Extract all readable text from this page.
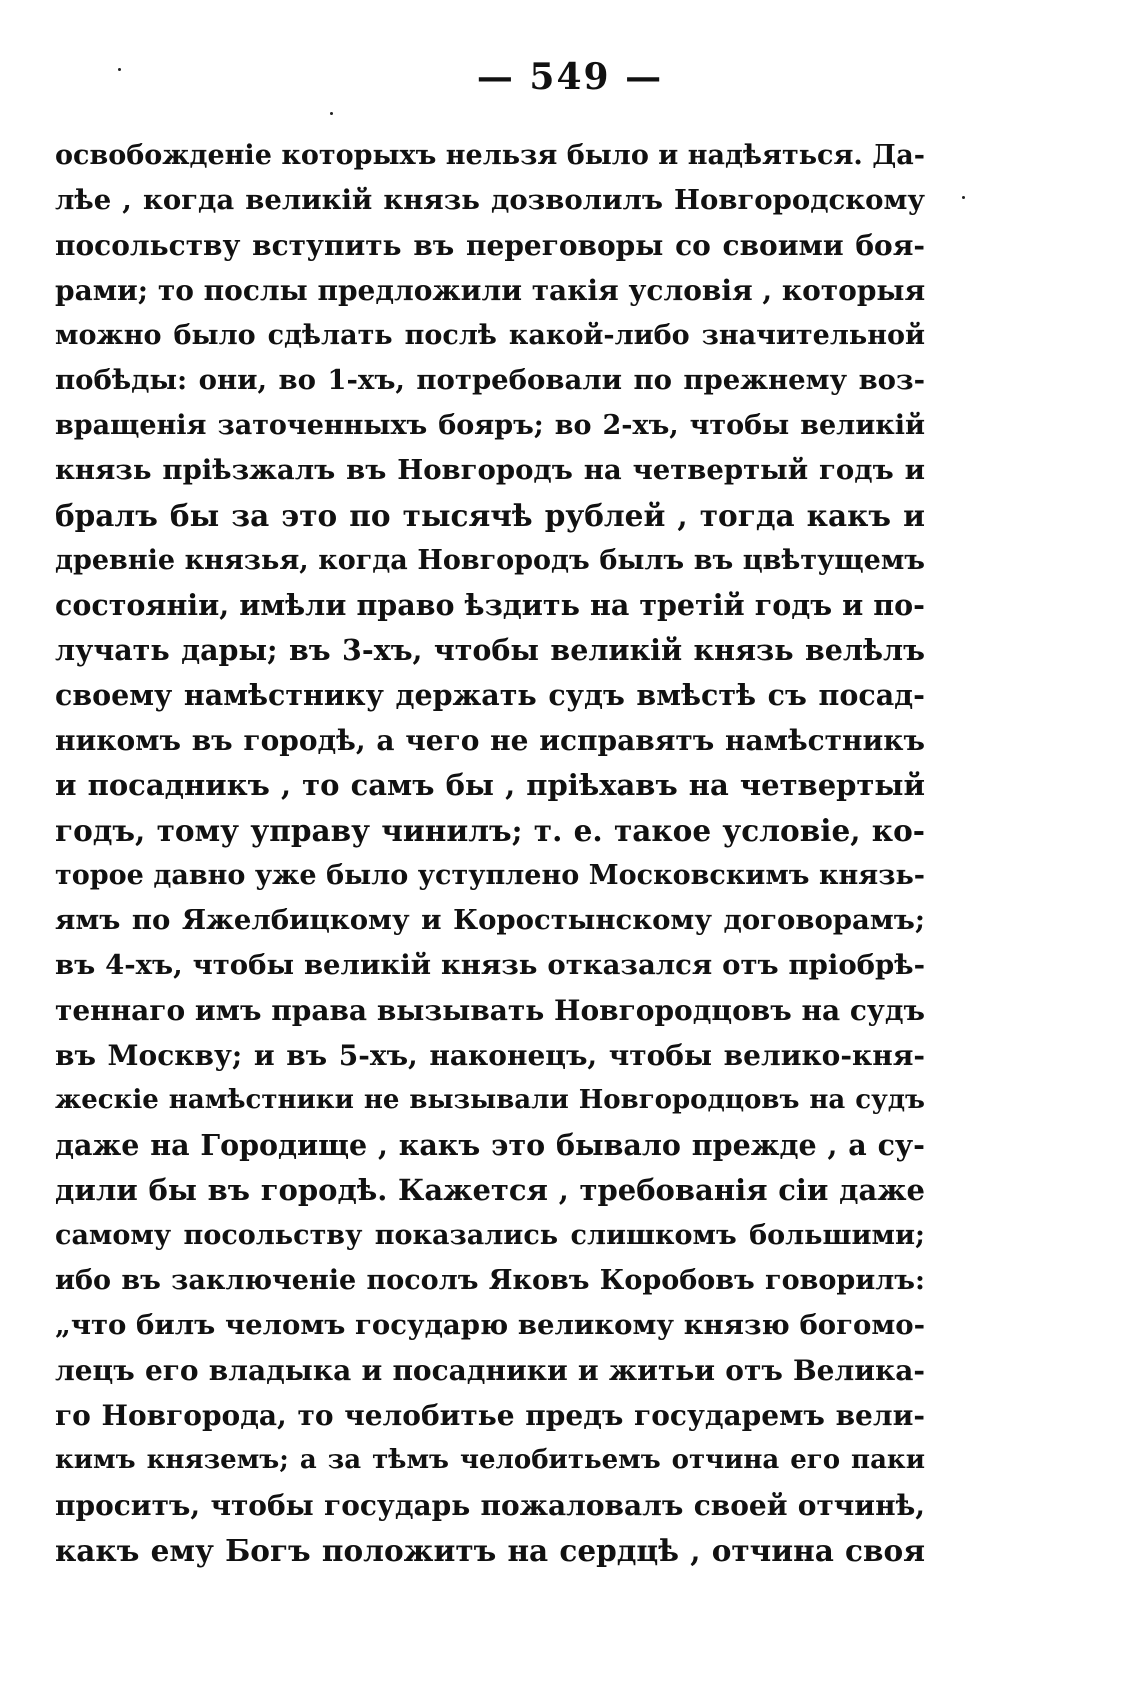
— 549 —
освобожденіе которыхъ нельзя было и надѣяться. Да-
лѣе , когда великій князь дозволилъ Новгородскому
посольству вступить въ переговоры со своими боя-
рами; то послы предложили такія условія , которыя
можно было сдѣлать послѣ какой-либо значительной
побѣды: они, во 1-хъ, потребовали по прежнему воз-
вращенія заточенныхъ бояръ; во 2-хъ, чтобы великій
князь пріѣзжалъ въ Новгородъ на четвертый годъ и
бралъ бы за это по тысячѣ рублей , тогда какъ и
древніе князья, когда Новгородъ былъ въ цвѣтущемъ
состояніи, имѣли право ѣздить на третій годъ и по-
лучать дары; въ 3-хъ, чтобы великій князь велѣлъ
своему намѣстнику держать судъ вмѣстѣ съ посад-
никомъ въ городѣ, а чего не исправятъ намѣстникъ
и посадникъ , то самъ бы , пріѣхавъ на четвертый
годъ, тому управу чинилъ; т. е. такое условіе, ко-
торое давно уже было уступлено Московскимъ князь-
ямъ по Яжелбицкому и Коростынскому договорамъ;
въ 4-хъ, чтобы великій князь отказался отъ пріобрѣ-
теннаго имъ права вызывать Новгородцовъ на судъ
въ Москву; и въ 5-хъ, наконецъ, чтобы велико-кня-
жескіе намѣстники не вызывали Новгородцовъ на судъ
даже на Городище , какъ это бывало прежде , а су-
дили бы въ городѣ. Кажется , требованія сіи даже
самому посольству показались слишкомъ большими;
ибо въ заключеніе посолъ Яковъ Коробовъ говорилъ:
„что билъ челомъ государю великому князю богомо-
лецъ его владыка и посадники и житьи отъ Велика-
го Новгорода, то челобитье предъ государемъ вели-
кимъ княземъ; а за тѣмъ челобитьемъ отчина его паки
проситъ, чтобы государь пожаловалъ своей отчинѣ,
какъ ему Богъ положитъ на сердцѣ , отчина своя
